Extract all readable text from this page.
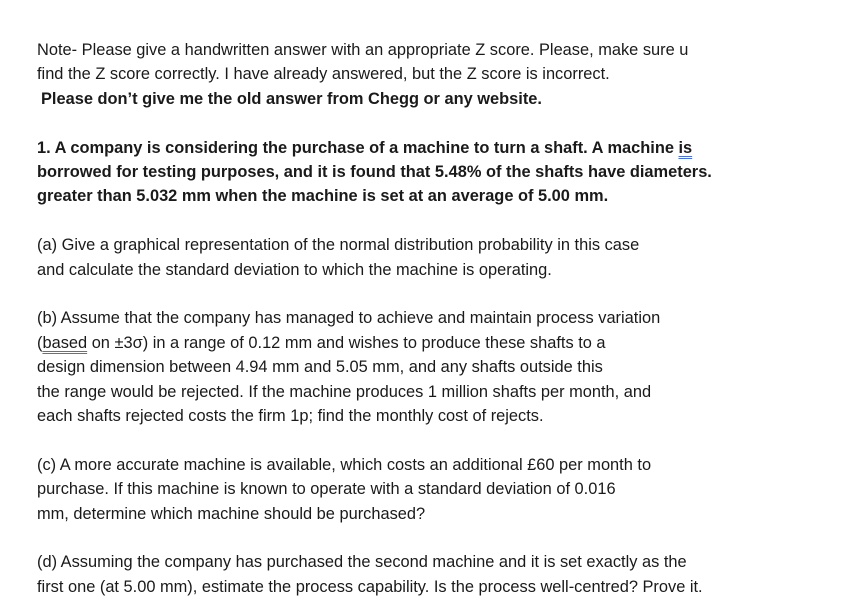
Note- Please give a handwritten answer with an appropriate Z score. Please, make sure u
find the Z score correctly. I have already answered, but the Z score is incorrect.
Please don’t give me the old answer from Chegg or any website.
1. A company is considering the purchase of a machine to turn a shaft. A machine is
borrowed for testing purposes, and it is found that 5.48% of the shafts have diameters.
greater than 5.032 mm when the machine is set at an average of 5.00 mm.
(a) Give a graphical representation of the normal distribution probability in this case
and calculate the standard deviation to which the machine is operating.
(b) Assume that the company has managed to achieve and maintain process variation
(based on ±3σ) in a range of 0.12 mm and wishes to produce these shafts to a
design dimension between 4.94 mm and 5.05 mm, and any shafts outside this
the range would be rejected. If the machine produces 1 million shafts per month, and
each shafts rejected costs the firm 1p; find the monthly cost of rejects.
(c) A more accurate machine is available, which costs an additional £60 per month to
purchase. If this machine is known to operate with a standard deviation of 0.016
mm, determine which machine should be purchased?
(d) Assuming the company has purchased the second machine and it is set exactly as the
first one (at 5.00 mm), estimate the process capability. Is the process well-centred? Prove it.
